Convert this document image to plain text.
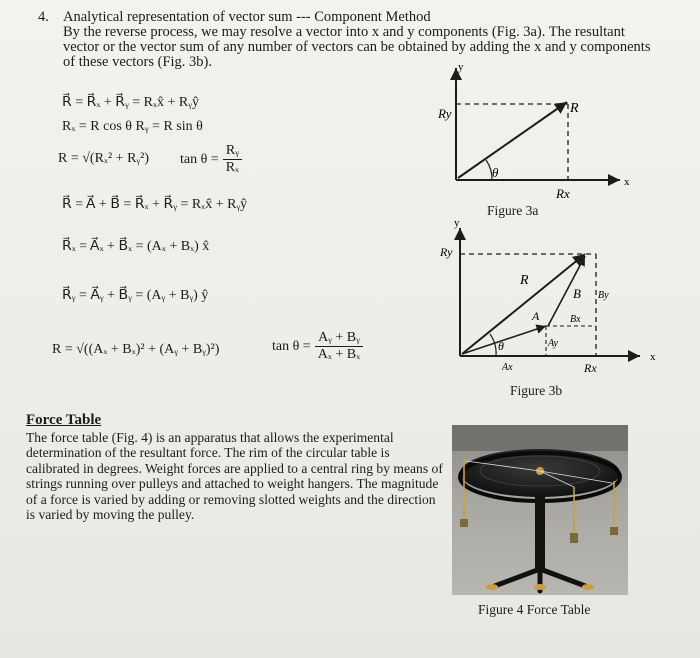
4. Analytical representation of vector sum --- Component Method
By the reverse process, we may resolve a vector into x and y components (Fig. 3a). The resultant
vector or the vector sum of any number of vectors can be obtained by adding the x and y components
of these vectors (Fig. 3b).
R⃗ = R⃗ₓ + R⃗ᵧ = Rₓx̂ + Rᵧŷ
Rₓ = R cos θ Rᵧ = R sin θ
R = √(Rₓ² + Rᵧ²) $\tan \theta = \frac{\text{Rᵧ}}{\text{Rₓ}}$
R⃗ = A⃗ + B⃗ = R⃗ₓ + R⃗ᵧ = Rₓx̂ + Rᵧŷ
R⃗ₓ = A⃗ₓ + B⃗ₓ = (Aₓ + Bₓ) x̂
R⃗ᵧ = A⃗ᵧ + B⃗ᵧ = (Aᵧ + Bᵧ) ŷ
R = √((Aₓ + Bₓ)² + (Aᵧ + Bᵧ)²)	$\tan \theta = \frac{\text{Aᵧ + Bᵧ}}{\text{Aₓ + Bₓ}}$
y
x
R
Ry
Rx
θ
Figure 3a
y
x
Ry
R
A
B By
Bx
Ay
Ax	Rx
θ
Figure 3b
Force Table
The force table (Fig. 4) is an apparatus that allows the experimental determination of the resultant force. The rim of the circular table is calibrated in degrees. Weight forces are applied to a central ring by means of strings running over pulleys and attached to weight hangers. The magnitude of a force is varied by adding or removing slotted weights and the direction is varied by moving the pulley.
Figure 4 Force Table
